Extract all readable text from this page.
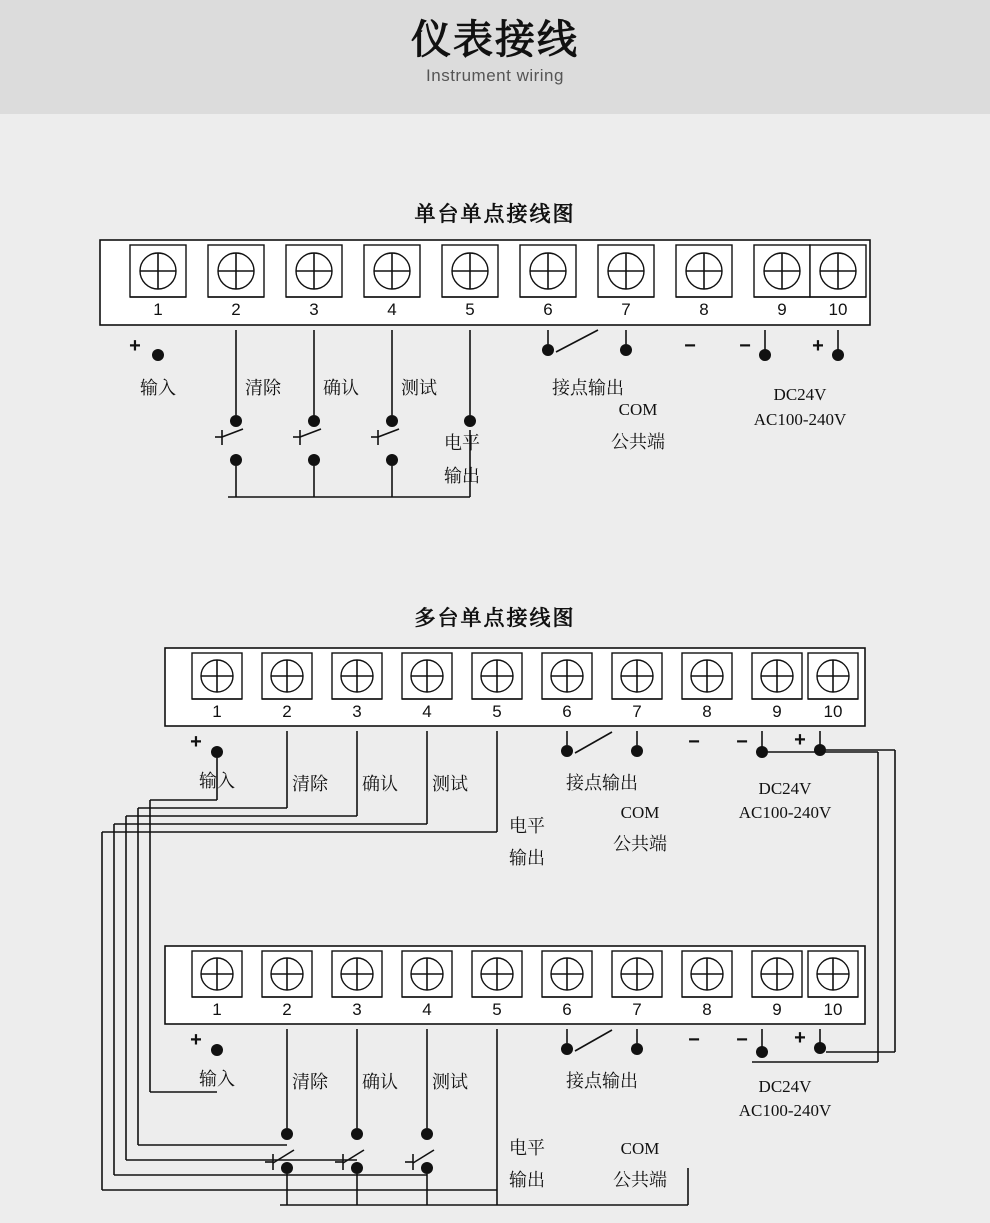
仪表接线
Instrument wiring
单台单点接线图
多台单点接线图
1	2	3	4	5	6	7	8	9 10
+
输入	清除 确认 测试
电平
输出
接点输出
−
COM
公共端
−	+
DC24V
AC100-240V
1	2	3	4	5	6	7	8	9 10
+
输入	清除 确认 测试
电平
输出
接点输出
−
COM
公共端
− +
DC24V
AC100-240V
1	2	3	4	5	6	7	8	9 10
+
输入	清除 确认 测试	接点输出
−
COM
公共端
− +
DC24V
AC100-240V
电平
输出
